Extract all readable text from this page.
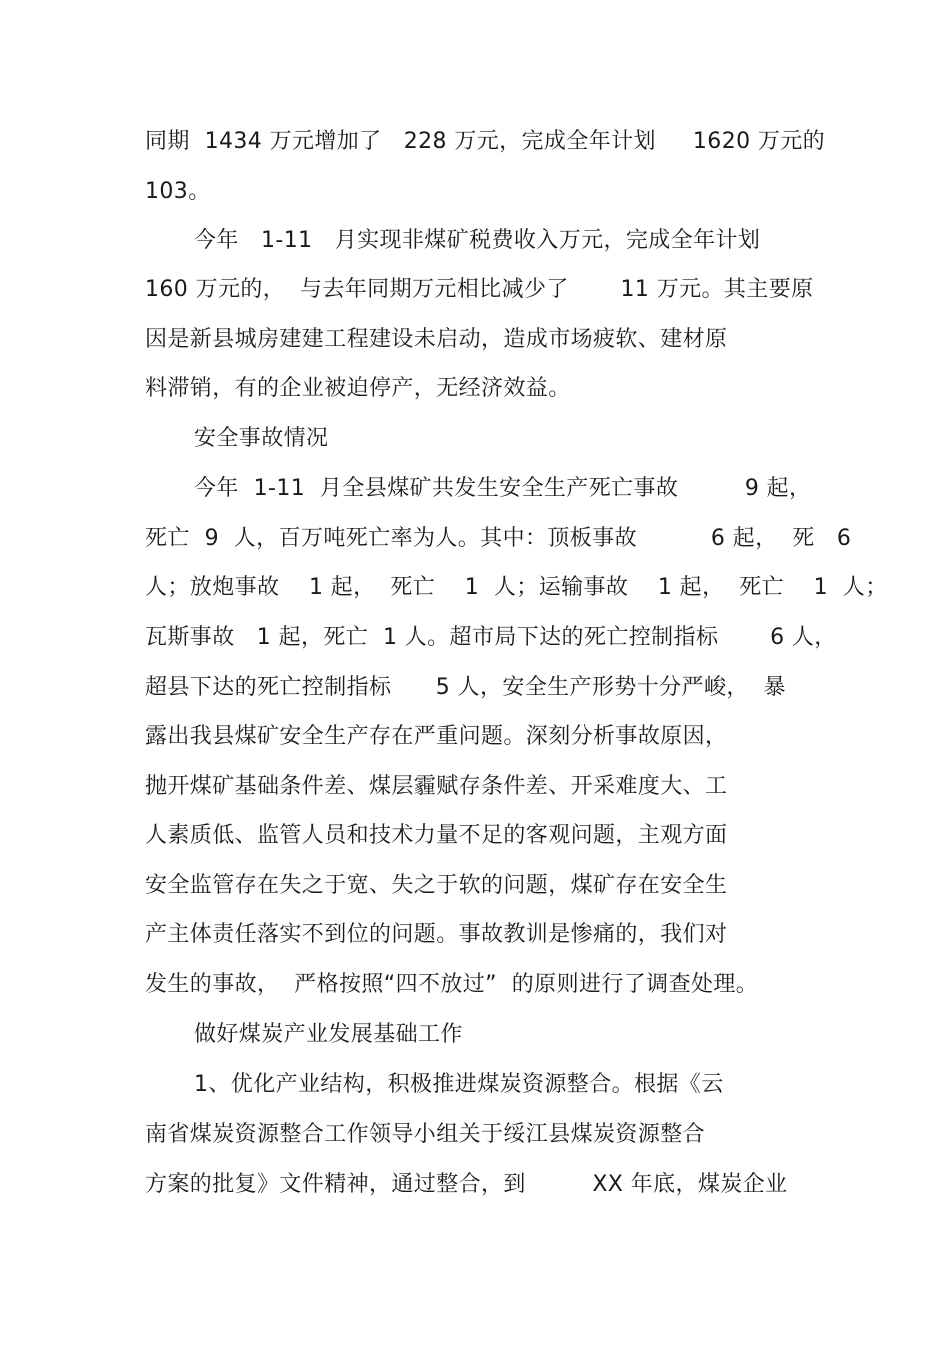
同期  1434 万元增加了   228 万元，完成全年计划     1620 万元的
103。
今年   1-11   月实现非煤矿税费收入万元，完成全年计划
160 万元的，  与去年同期万元相比减少了       11 万元。其主要原
因是新县城房建建工程建设未启动，造成市场疲软、建材原
料滞销，有的企业被迫停产，无经济效益。
安全事故情况
今年  1-11  月全县煤矿共发生安全生产死亡事故         9 起，
死亡  9  人，百万吨死亡率为人。其中：顶板事故          6 起，  死   6
人；放炮事故    1 起，  死亡    1  人；运输事故    1 起，  死亡    1  人；
瓦斯事故   1 起，死亡  1 人。超市局下达的死亡控制指标       6 人，
超县下达的死亡控制指标      5 人，安全生产形势十分严峻，  暴
露出我县煤矿安全生产存在严重问题。深刻分析事故原因，
抛开煤矿基础条件差、煤层霾赋存条件差、开采难度大、工
人素质低、监管人员和技术力量不足的客观问题，主观方面
安全监管存在失之于宽、失之于软的问题，煤矿存在安全生
产主体责任落实不到位的问题。事故教训是惨痛的，我们对
发生的事故，  严格按照“四不放过”  的原则进行了调查处理。
做好煤炭产业发展基础工作
1、优化产业结构，积极推进煤炭资源整合。根据《云
南省煤炭资源整合工作领导小组关于绥江县煤炭资源整合
方案的批复》文件精神，通过整合，到         XX 年底，煤炭企业
